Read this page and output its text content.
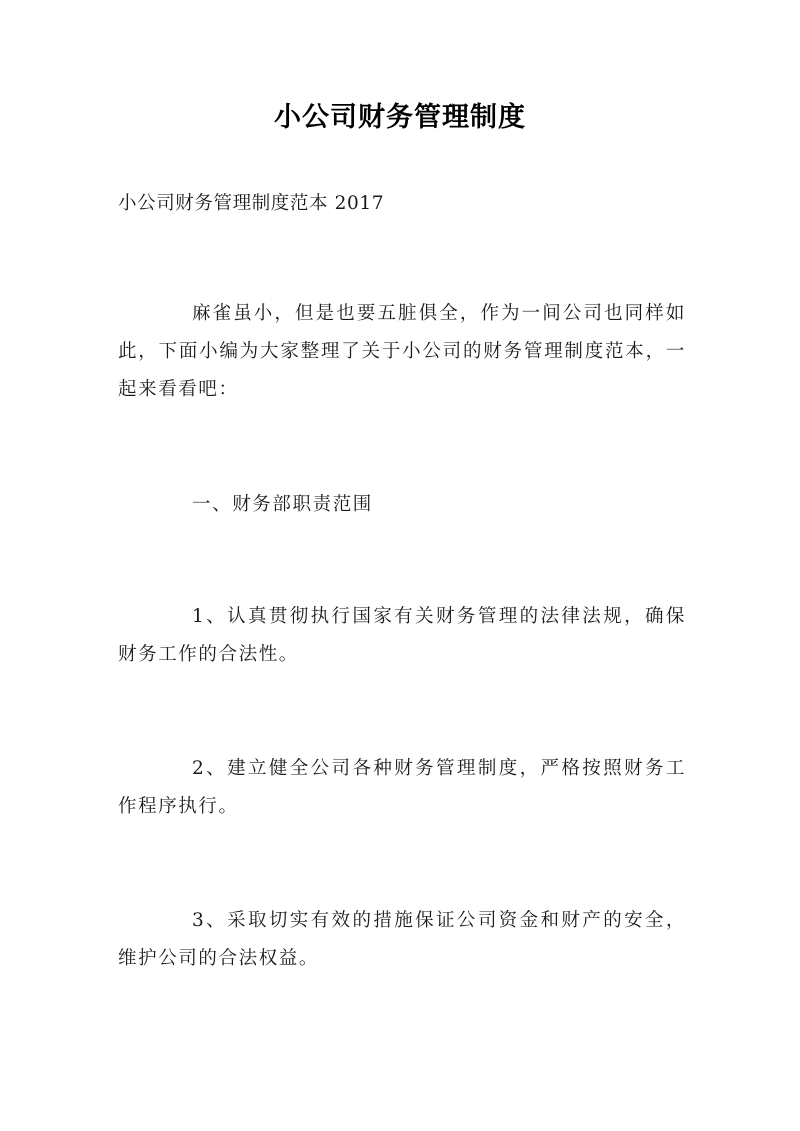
小公司财务管理制度
小公司财务管理制度范本 2017

麻雀虽小，但是也要五脏俱全，作为一间公司也同样如此，下面小编为大家整理了关于小公司的财务管理制度范本，一起来看看吧：

一、财务部职责范围

1、认真贯彻执行国家有关财务管理的法律法规，确保财务工作的合法性。

2、建立健全公司各种财务管理制度，严格按照财务工作程序执行。

3、采取切实有效的措施保证公司资金和财产的安全，维护公司的合法权益。
